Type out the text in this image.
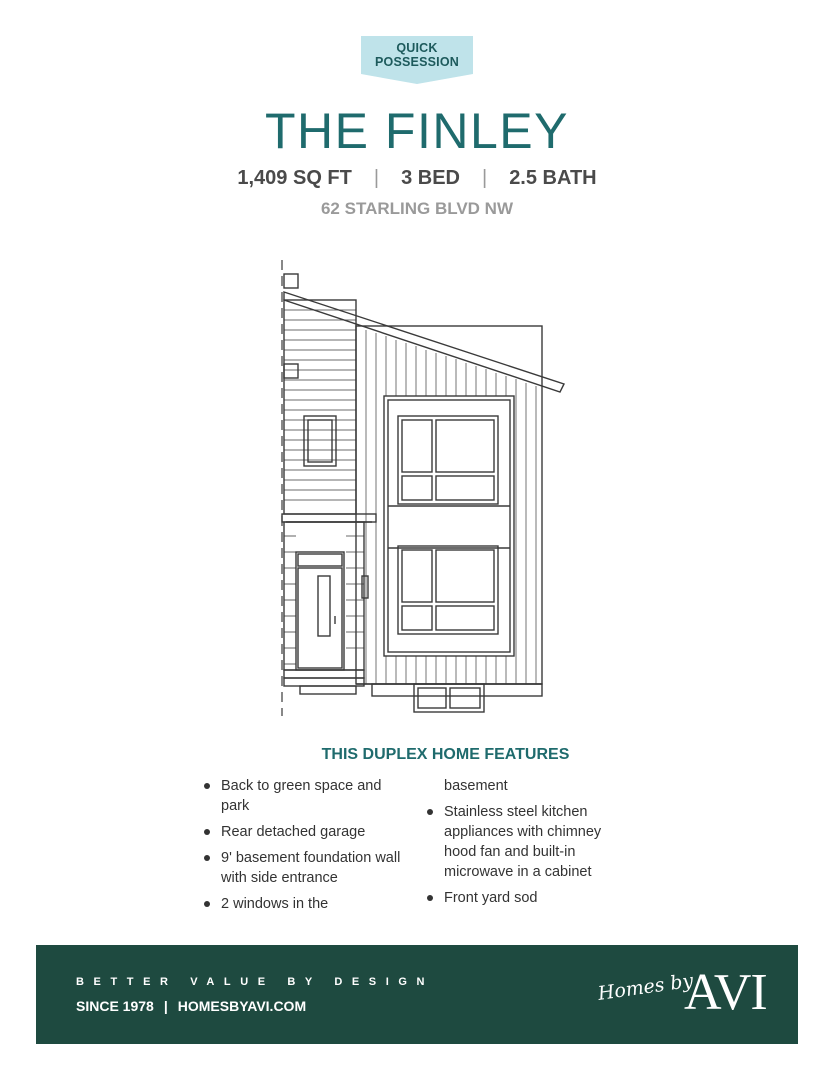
QUICK
POSSESSION
THE FINLEY
1,409 SQ FT | 3 BED | 2.5 BATH
62 STARLING BLVD NW
THIS DUPLEX HOME FEATURES
Back to green space and park
Rear detached garage
9' basement foundation wall with side entrance
2 windows in the
basement
Stainless steel kitchen appliances with chimney hood fan and built-in microwave in a cabinet
Front yard sod
BETTER VALUE BY DESIGN
SINCE 1978 | HOMESBYAVI.COM
Homes by
AVI
